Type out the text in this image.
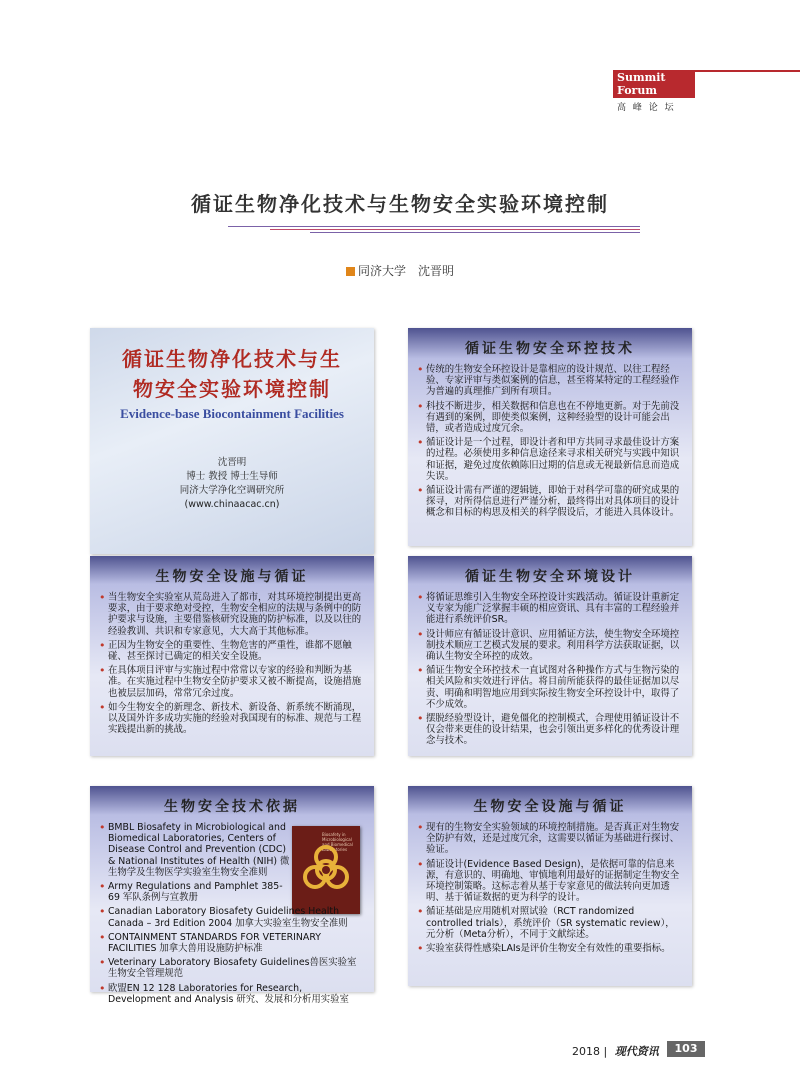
Summit Forum
高 峰 论 坛
循证生物净化技术与生物安全实验环境控制
同济大学　沈晋明
循证生物净化技术与生
物安全实验环境控制
Evidence-base Biocontainment Facilities
沈晋明
博士 教授 博士生导师
同济大学净化空调研究所
(www.chinaacac.cn)
循证生物安全环控技术
• 传统的生物安全环控设计是靠相应的设计规范、以往工程经验、专家评审与类似案例的信息，甚至将某特定的工程经验作为普遍的真理推广到所有项目。
• 科技不断进步，相关数据和信息也在不停地更新。对于先前没有遇到的案例，即使类似案例，这种经验型的设计可能会出错，或者造成过度冗余。
• 循证设计是一个过程，即设计者和甲方共同寻求最佳设计方案的过程。必须使用多种信息途径来寻求相关研究与实践中知识和证据，避免过度依赖陈旧过期的信息或无视最新信息而造成失误。
• 循证设计需有严谨的逻辑链，即始于对科学可靠的研究成果的探寻，对所得信息进行严谨分析，最终得出对具体项目的设计概念和目标的构思及相关的科学假设后，才能进入具体设计。
生物安全设施与循证
• 当生物安全实验室从荒岛进入了都市，对其环境控制提出更高要求，由于要求绝对受控，生物安全相应的法规与条例中的防护要求与设施，主要借鉴核研究设施的防护标准，以及以往的经验教训、共识和专家意见，大大高于其他标准。
• 正因为生物安全的重要性、生物危害的严重性，谁都不愿触碰、甚至探讨已确定的相关安全设施。
• 在具体项目评审与实施过程中常常以专家的经验和判断为基准。在实施过程中生物安全防护要求又被不断提高，设施措施也被层层加码，常常冗余过度。
• 如今生物安全的新理念、新技术、新设备、新系统不断涌现，以及国外许多成功实施的经验对我国现有的标准、规范与工程实践提出新的挑战。
循证生物安全环境设计
• 将循证思维引入生物安全环控设计实践活动。循证设计重新定义专家为能广泛掌握丰硕的相应资讯、具有丰富的工程经验并能进行系统评价SR。
• 设计师应有循证设计意识、应用循证方法，使生物安全环境控制技术顺应工艺模式发展的要求。利用科学方法获取证据，以确认生物安全环控的成效。
• 循证生物安全环控技术一直试图对各种操作方式与生物污染的相关风险和实效进行评估。将目前所能获得的最佳证据加以尽责、明确和明智地应用到实际按生物安全环控设计中，取得了不少成效。
• 摆脱经验型设计，避免僵化的控制模式，合理使用循证设计不仅会带来更佳的设计结果，也会引领出更多样化的优秀设计理念与技术。
生物安全技术依据
Biosafety in Microbiological and Biomedical Laboratories
• BMBL Biosafety in Microbiological and Biomedical Laboratories, Centers of Disease Control and Prevention (CDC) & National Institutes of Health (NIH) 微生物学及生物医学实验室生物安全准则
• Army Regulations and Pamphlet 385-69 军队条例与宣教册
• Canadian Laboratory Biosafety Guidelines Health Canada – 3rd Edition 2004 加拿大实验室生物安全准则
• CONTAINMENT STANDARDS FOR VETERINARY FACILITIES 加拿大兽用设施防护标准
• Veterinary Laboratory Biosafety Guidelines兽医实验室生物安全管理规范
• 欧盟EN 12 128 Laboratories for Research, Development and Analysis 研究、发展和分析用实验室
生物安全设施与循证
• 现有的生物安全实验领域的环境控制措施。是否真正对生物安全防护有效，还是过度冗余，这需要以循证为基础进行探讨、验证。
• 循证设计(Evidence Based Design)，是依据可靠的信息来源，有意识的、明确地、审慎地利用最好的证据制定生物安全环境控制策略。这标志着从基于专家意见的做法转向更加透明、基于循证数据的更为科学的设计。
• 循证基础是应用随机对照试验（RCT randomized controlled trials），系统评价（SR systematic review），元分析（Meta分析），不同于文献综述。
• 实验室获得性感染LAIs是评价生物安全有效性的重要指标。
2018 | 现代资讯	103
